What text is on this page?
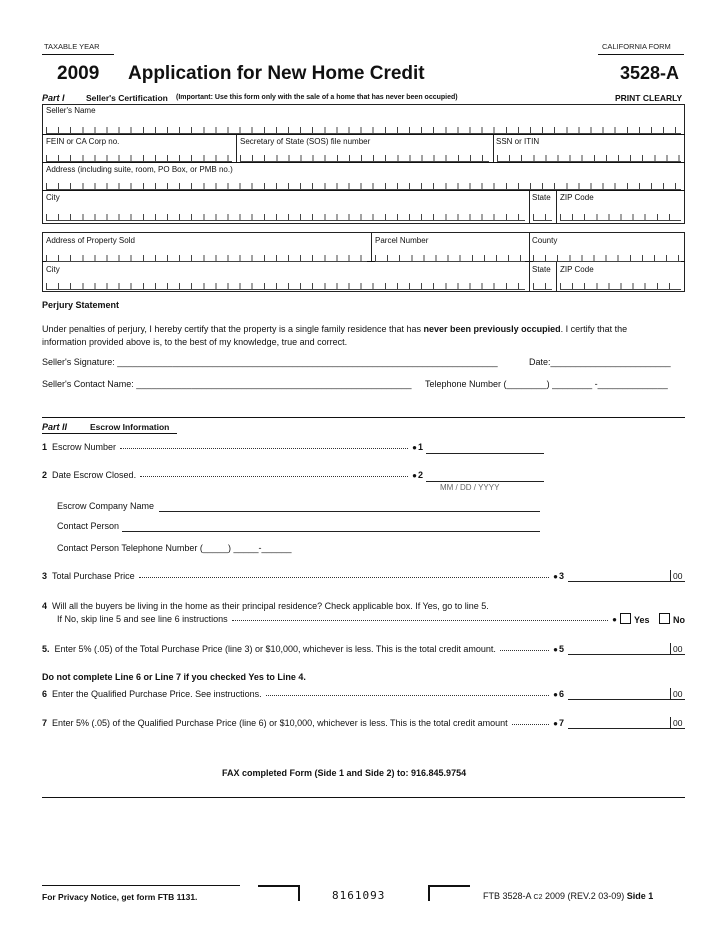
TAXABLE YEAR	CALIFORNIA FORM
2009 Application for New Home Credit	3528-A
Part I	Seller's Certification (Important: Use this form only with the sale of a home that has never been occupied)	PRINT CLEARLY
Seller's Name
FEIN or CA Corp no.	Secretary of State (SOS) file number	SSN or ITIN
Address (including suite, room, PO Box, or PMB no.)
City	State ZIP Code
Address of Property Sold	Parcel Number	County
City	State ZIP Code
Perjury Statement
Under penalties of perjury, I hereby certify that the property is a single family residence that has never been previously occupied. I certify that the
information provided above is, to the best of my knowledge, true and correct.
Seller's Signature: ____________________________________________________________________________	Date:________________________
Seller's Contact Name: _______________________________________________________ Telephone Number (________) ________ -______________
Part II	Escrow Information
1
Escrow Number	● 1
2
Date Escrow Closed.	● 2
MM / DD / YYYY
Escrow Company Name
Contact Person
Contact Person Telephone Number (_____) _____-______
3
Total Purchase Price	● 3	00
4 Will all the buyers be living in the home as their principal residence? Check applicable box. If Yes, go to line 5.
If No, skip line 5 and see line 6 instructions	●	Yes	No
5.
Enter 5% (.05) of the Total Purchase Price (line 3) or $10,000, whichever is less. This is the total credit amount.	● 5	00
Do not complete Line 6 or Line 7 if you checked Yes to Line 4.
6
Enter the Qualified Purchase Price. See instructions.	● 6	00
7
Enter 5% (.05) of the Qualified Purchase Price (line 6) or $10,000, whichever is less. This is the total credit amount	● 7	00
FAX completed Form (Side 1 and Side 2) to: 916.845.9754
For Privacy Notice, get form FTB 1131.	8161093	FTB 3528-A C2 2009 (REV.2 03-09) Side 1
